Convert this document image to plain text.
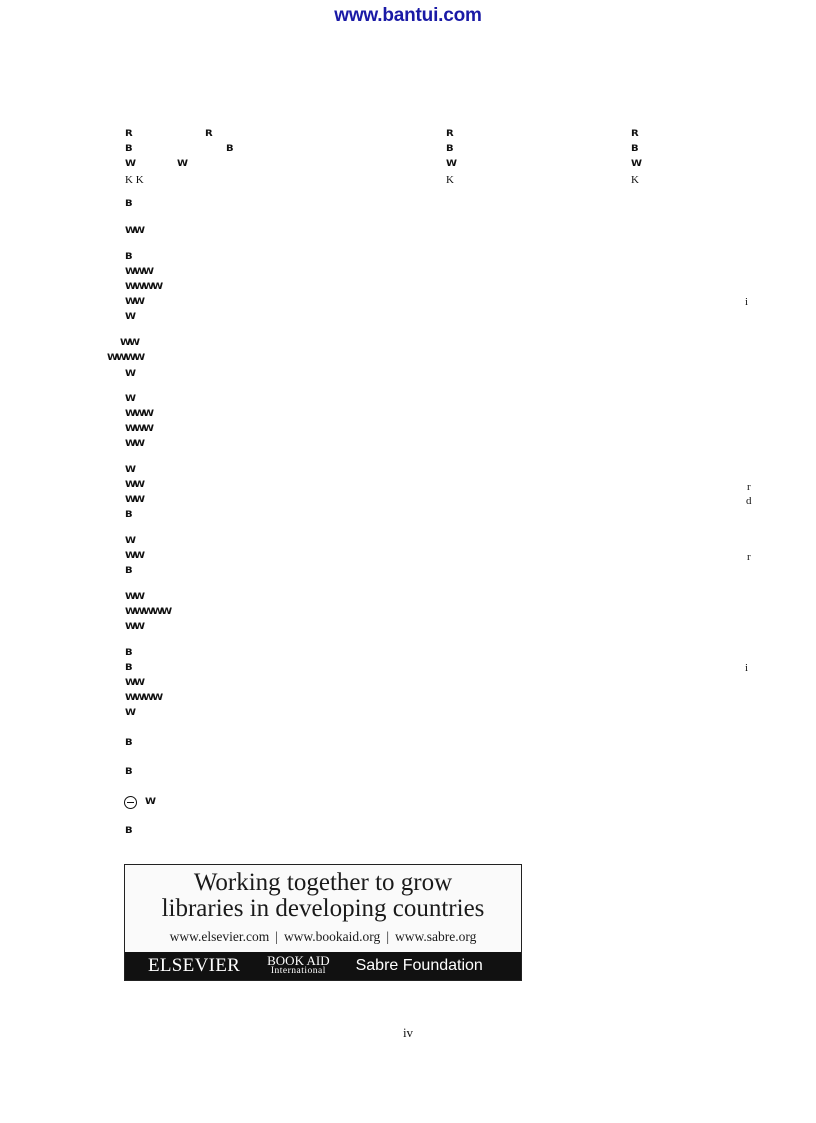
www.bantui.com
R	R	R	R
B	B	B	B
W	W	W	W
K K	K	K
B
WW
B
WWW
WWWW
WW
W
WW
WWWW
W
W
WWW
WWW
WW
W
WW
WW
B
W
WW
B
WW
WWWWW
WW
B
B
WW
WWWW
W
B
B
W
B
i
r
d
r
i
Working together to grow
libraries in developing countries
www.elsevier.com | www.bookaid.org | www.sabre.org
ELSEVIER BOOK AID
International Sabre Foundation
iv
